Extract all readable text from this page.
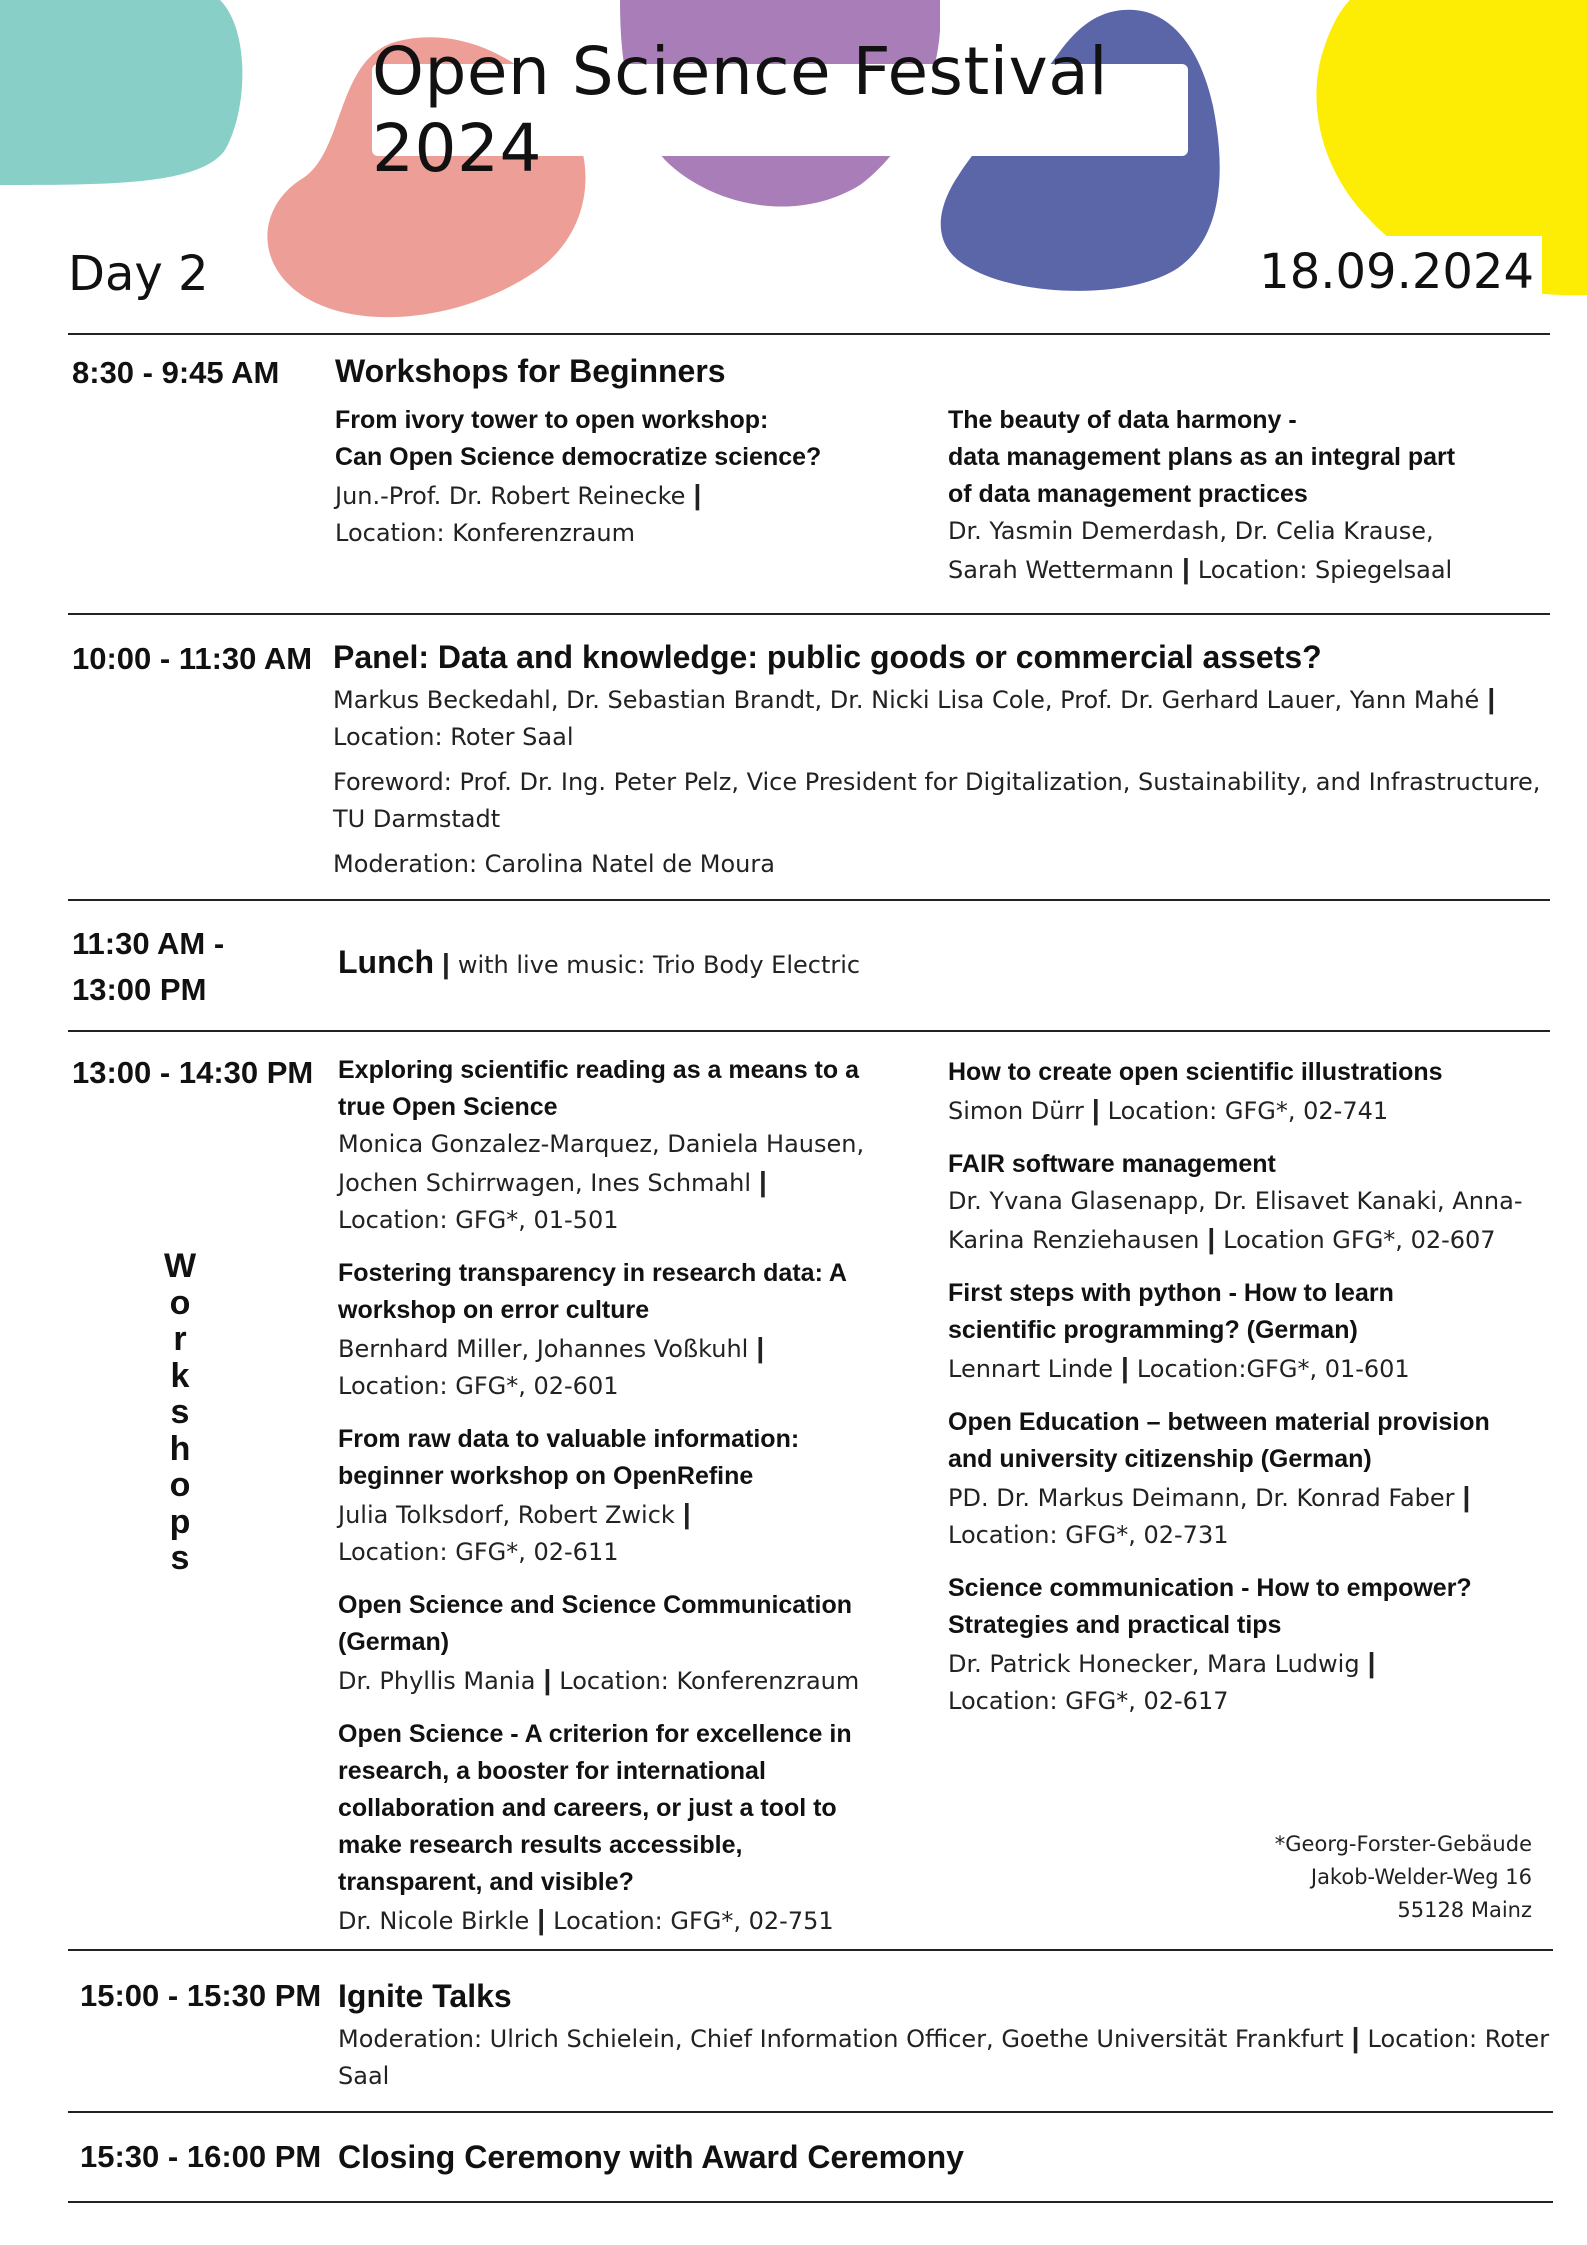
Open Science Festival 2024
Day 2	18.09.2024
8:30 - 9:45 AM Workshops for Beginners
From ivory tower to open workshop:
Can Open Science democratize science?
Jun.-Prof. Dr. Robert Reinecke |
Location: Konferenzraum
The beauty of data harmony -
data management plans as an integral part
of data management practices
Dr. Yasmin Demerdash, Dr. Celia Krause,
Sarah Wettermann | Location: Spiegelsaal
10:00 - 11:30 AM Panel: Data and knowledge: public goods or commercial assets?
Markus Beckedahl, Dr. Sebastian Brandt, Dr. Nicki Lisa Cole, Prof. Dr. Gerhard Lauer, Yann Mahé |
Location: Roter Saal
Foreword: Prof. Dr. Ing. Peter Pelz, Vice President for Digitalization, Sustainability, and Infrastructure,
TU Darmstadt
Moderation: Carolina Natel de Moura
11:30 AM -
13:00 PM
Lunch | with live music: Trio Body Electric
13:00 - 14:30 PM
W
o
r
k
s
h
o
p
s
Exploring scientific reading as a means to a
true Open Science
Monica Gonzalez-Marquez, Daniela Hausen,
Jochen Schirrwagen, Ines Schmahl |
Location: GFG*, 01-501
Fostering transparency in research data: A
workshop on error culture
Bernhard Miller, Johannes Voßkuhl |
Location: GFG*, 02-601
From raw data to valuable information:
beginner workshop on OpenRefine
Julia Tolksdorf, Robert Zwick |
Location: GFG*, 02-611
Open Science and Science Communication
(German)
Dr. Phyllis Mania | Location: Konferenzraum
Open Science - A criterion for excellence in
research, a booster for international
collaboration and careers, or just a tool to
make research results accessible,
transparent, and visible?
Dr. Nicole Birkle | Location: GFG*, 02-751
How to create open scientific illustrations
Simon Dürr | Location: GFG*, 02-741
FAIR software management
Dr. Yvana Glasenapp, Dr. Elisavet Kanaki, Anna-
Karina Renziehausen | Location GFG*, 02-607
First steps with python - How to learn
scientific programming? (German)
Lennart Linde | Location:GFG*, 01-601
Open Education – between material provision
and university citizenship (German)
PD. Dr. Markus Deimann, Dr. Konrad Faber |
Location: GFG*, 02-731
Science communication - How to empower?
Strategies and practical tips
Dr. Patrick Honecker, Mara Ludwig |
Location: GFG*, 02-617
*Georg-Forster-Gebäude
Jakob-Welder-Weg 16
55128 Mainz
15:00 - 15:30 PM Ignite Talks
Moderation: Ulrich Schielein, Chief Information Officer, Goethe Universität Frankfurt | Location: Roter
Saal
15:30 - 16:00 PM Closing Ceremony with Award Ceremony
